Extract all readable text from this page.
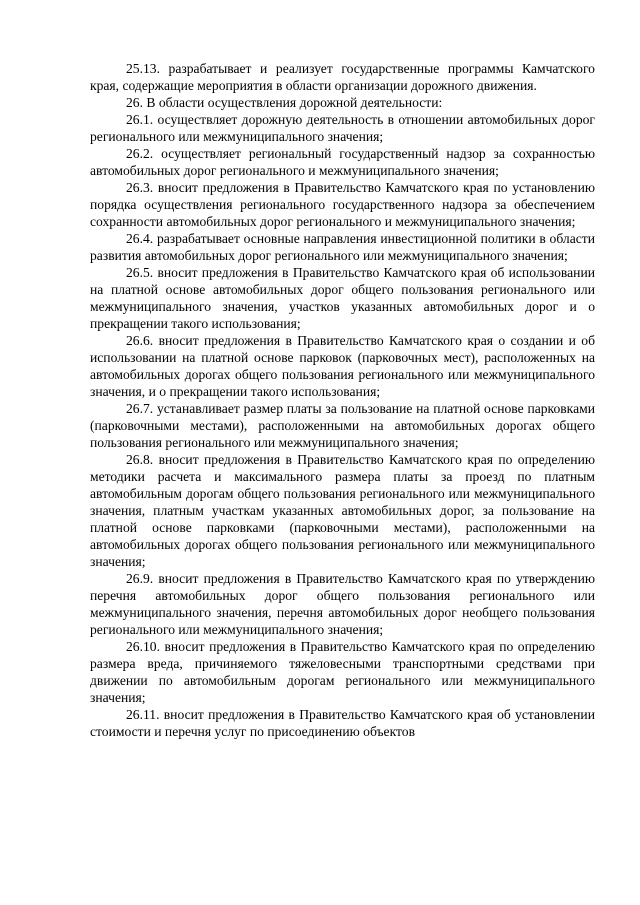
25.13. разрабатывает и реализует государственные программы Камчатского края, содержащие мероприятия в области организации дорожного движения.

26. В области осуществления дорожной деятельности:

26.1. осуществляет дорожную деятельность в отношении автомобильных дорог регионального или межмуниципального значения;

26.2. осуществляет региональный государственный надзор за сохранностью автомобильных дорог регионального и межмуниципального значения;

26.3. вносит предложения в Правительство Камчатского края по установлению порядка осуществления регионального государственного надзора за обеспечением сохранности автомобильных дорог регионального и межмуниципального значения;

26.4. разрабатывает основные направления инвестиционной политики в области развития автомобильных дорог регионального или межмуниципального значения;

26.5. вносит предложения в Правительство Камчатского края об использовании на платной основе автомобильных дорог общего пользования регионального или межмуниципального значения, участков указанных автомобильных дорог и о прекращении такого использования;

26.6. вносит предложения в Правительство Камчатского края о создании и об использовании на платной основе парковок (парковочных мест), расположенных на автомобильных дорогах общего пользования регионального или межмуниципального значения, и о прекращении такого использования;

26.7. устанавливает размер платы за пользование на платной основе парковками (парковочными местами), расположенными на автомобильных дорогах общего пользования регионального или межмуниципального значения;

26.8. вносит предложения в Правительство Камчатского края по определению методики расчета и максимального размера платы за проезд по платным автомобильным дорогам общего пользования регионального или межмуниципального значения, платным участкам указанных автомобильных дорог, за пользование на платной основе парковками (парковочными местами), расположенными на автомобильных дорогах общего пользования регионального или межмуниципального значения;

26.9. вносит предложения в Правительство Камчатского края по утверждению перечня автомобильных дорог общего пользования регионального или межмуниципального значения, перечня автомобильных дорог необщего пользования регионального или межмуниципального значения;

26.10. вносит предложения в Правительство Камчатского края по определению размера вреда, причиняемого тяжеловесными транспортными средствами при движении по автомобильным дорогам регионального или межмуниципального значения;

26.11. вносит предложения в Правительство Камчатского края об установлении стоимости и перечня услуг по присоединению объектов
